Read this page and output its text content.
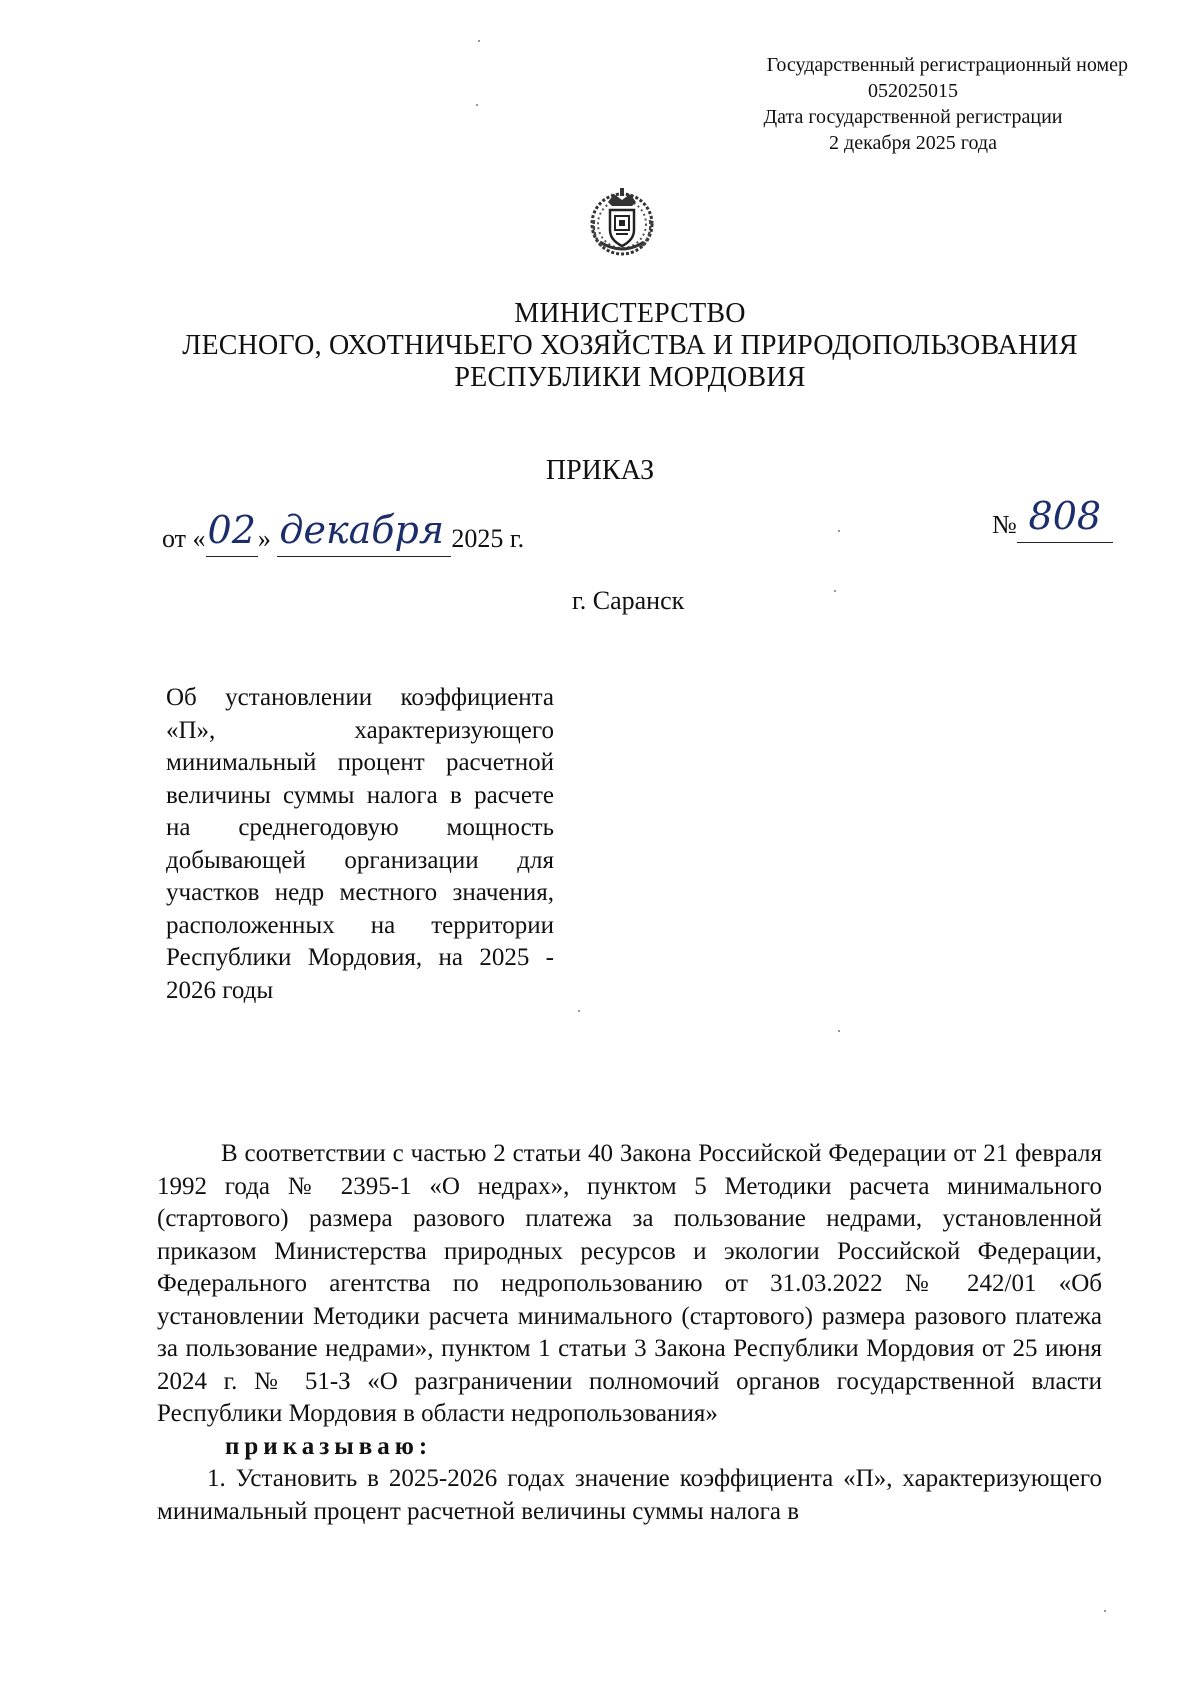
Государственный регистрационный номер
052025015
Дата государственной регистрации
2 декабря 2025 года
МИНИСТЕРСТВО
ЛЕСНОГО, ОХОТНИЧЬЕГО ХОЗЯЙСТВА И ПРИРОДОПОЛЬЗОВАНИЯ
РЕСПУБЛИКИ МОРДОВИЯ
ПРИКАЗ
от «02» декабря 2025 г.	№ 808
г. Саранск
Об установлении коэффициента «П», характеризующего минимальный процент расчетной величины суммы налога в расчете на среднегодовую мощность добывающей организации для участков недр местного значения, расположенных на территории Республики Мордовия, на 2025 - 2026 годы
В соответствии с частью 2 статьи 40 Закона Российской Федерации от 21 февраля 1992 года № 2395-1 «О недрах», пунктом 5 Методики расчета минимального (стартового) размера разового платежа за пользование недрами, установленной приказом Министерства природных ресурсов и экологии Российской Федерации, Федерального агентства по недропользованию от 31.03.2022 № 242/01 «Об установлении Методики расчета минимального (стартового) размера разового платежа за пользование недрами», пунктом 1 статьи 3 Закона Республики Мордовия от 25 июня 2024 г. № 51-З «О разграничении полномочий органов государственной власти Республики Мордовия в области недропользования»
приказываю:
1. Установить в 2025-2026 годах значение коэффициента «П», характеризующего минимальный процент расчетной величины суммы налога в
